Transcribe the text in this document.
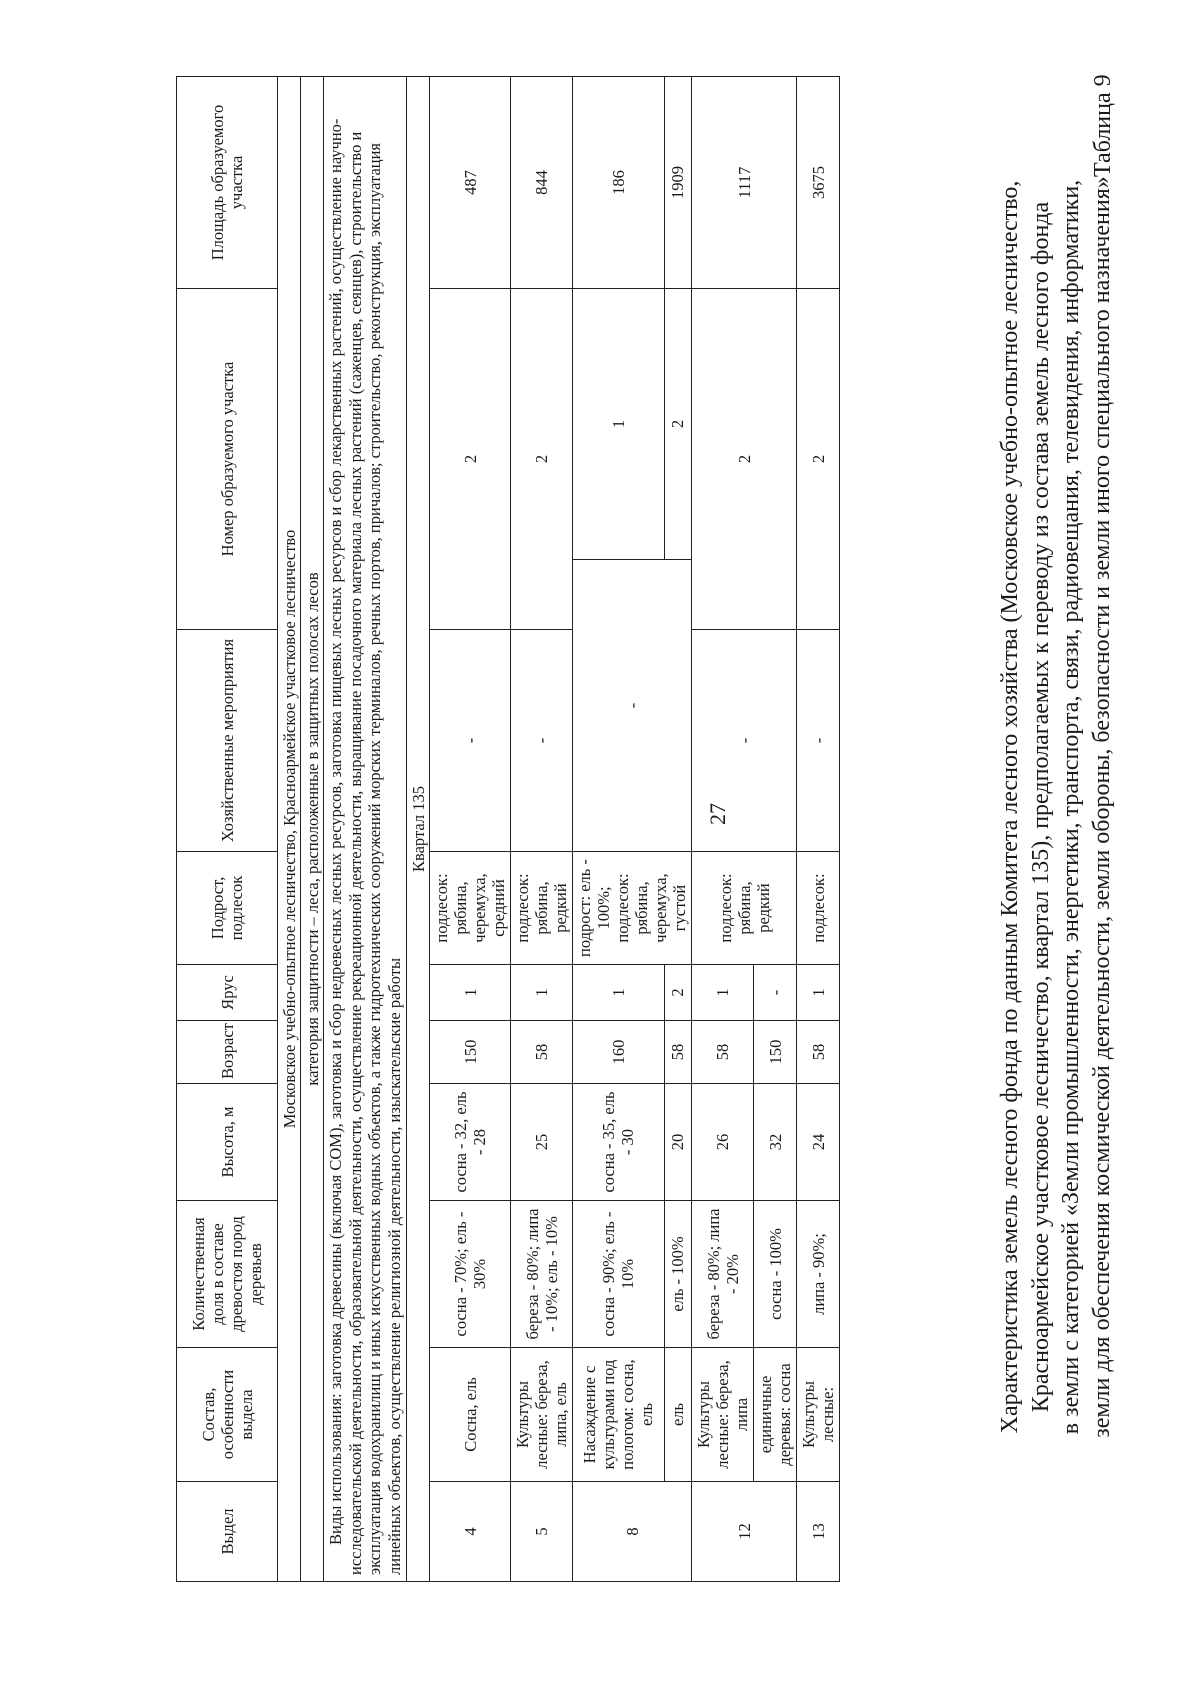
27
Таблица 9
Характеристика земель лесного фонда по данным Комитета лесного хозяйства (Московское учебно-опытное лесничество, Красноармейское участковое лесничество, квартал 135), предполагаемых к переводу из состава земель лесного фонда в земли с категорией «Земли промышленности, энергетики, транспорта, связи, радиовещания, телевидения, информатики, земли для обеспечения космической деятельности, земли обороны, безопасности и земли иного специального назначения»
Выдел	Состав, особенности выдела	Количественная доля в составе древостоя пород деревьев	Высота, м	Возраст	Ярус	Подрост, подлесок	Хозяйственные мероприятия	Номер образуемого участка		Площадь образуемого участка
Московское учебно-опытное лесничество, Красноармейское участковое лесничество										
категория защитности – леса, расположенные в защитных полосах лесов										
Виды использования: заготовка древесины (включая СОМ), заготовка и сбор недревесных лесных ресурсов, заготовка пищевых лесных ресурсов и сбор лекарственных растений, осуществление научно-исследовательской деятельности, образовательной деятельности, осуществление рекреационной деятельности, выращивание посадочного материала лесных растений (саженцев, сеянцев), строительство и эксплуатация водохранилищ и иных искусственных водных объектов, а также гидротехнических сооружений морских терминалов, речных портов, причалов; строительство, реконструкция, эксплуатация линейных объектов, осуществление религиозной деятельности, изыскательские работы										
Квартал 135										
4	Сосна, ель	сосна - 70%; ель - 30%	сосна - 32, ель - 28	150	1	подлесок: рябина, черемуха, средний	-	2		487
5	Культуры лесные: береза, липа, ель	береза - 80%; липа - 10%; ель - 10%	25	58	1	подлесок: рябина, редкий	-	2		844
8	Насаждение с культурами под пологом: сосна, ель	сосна - 90%; ель - 10%	сосна - 35, ель - 30	160	1	подрост: ель - 100%; подлесок: рябина, черемуха, густой	-		1	186
	ель	ель - 100%	20	58	2				2	1909
12	Культуры лесные: береза, липа	береза - 80%; липа - 20%	26	58	1	подлесок: рябина, редкий	-	2		1117
	единичные деревья: сосна	сосна - 100%	32	150	-					
13	Культуры лесные:	липа - 90%;	24	58	1	подлесок:	-	2		3675
